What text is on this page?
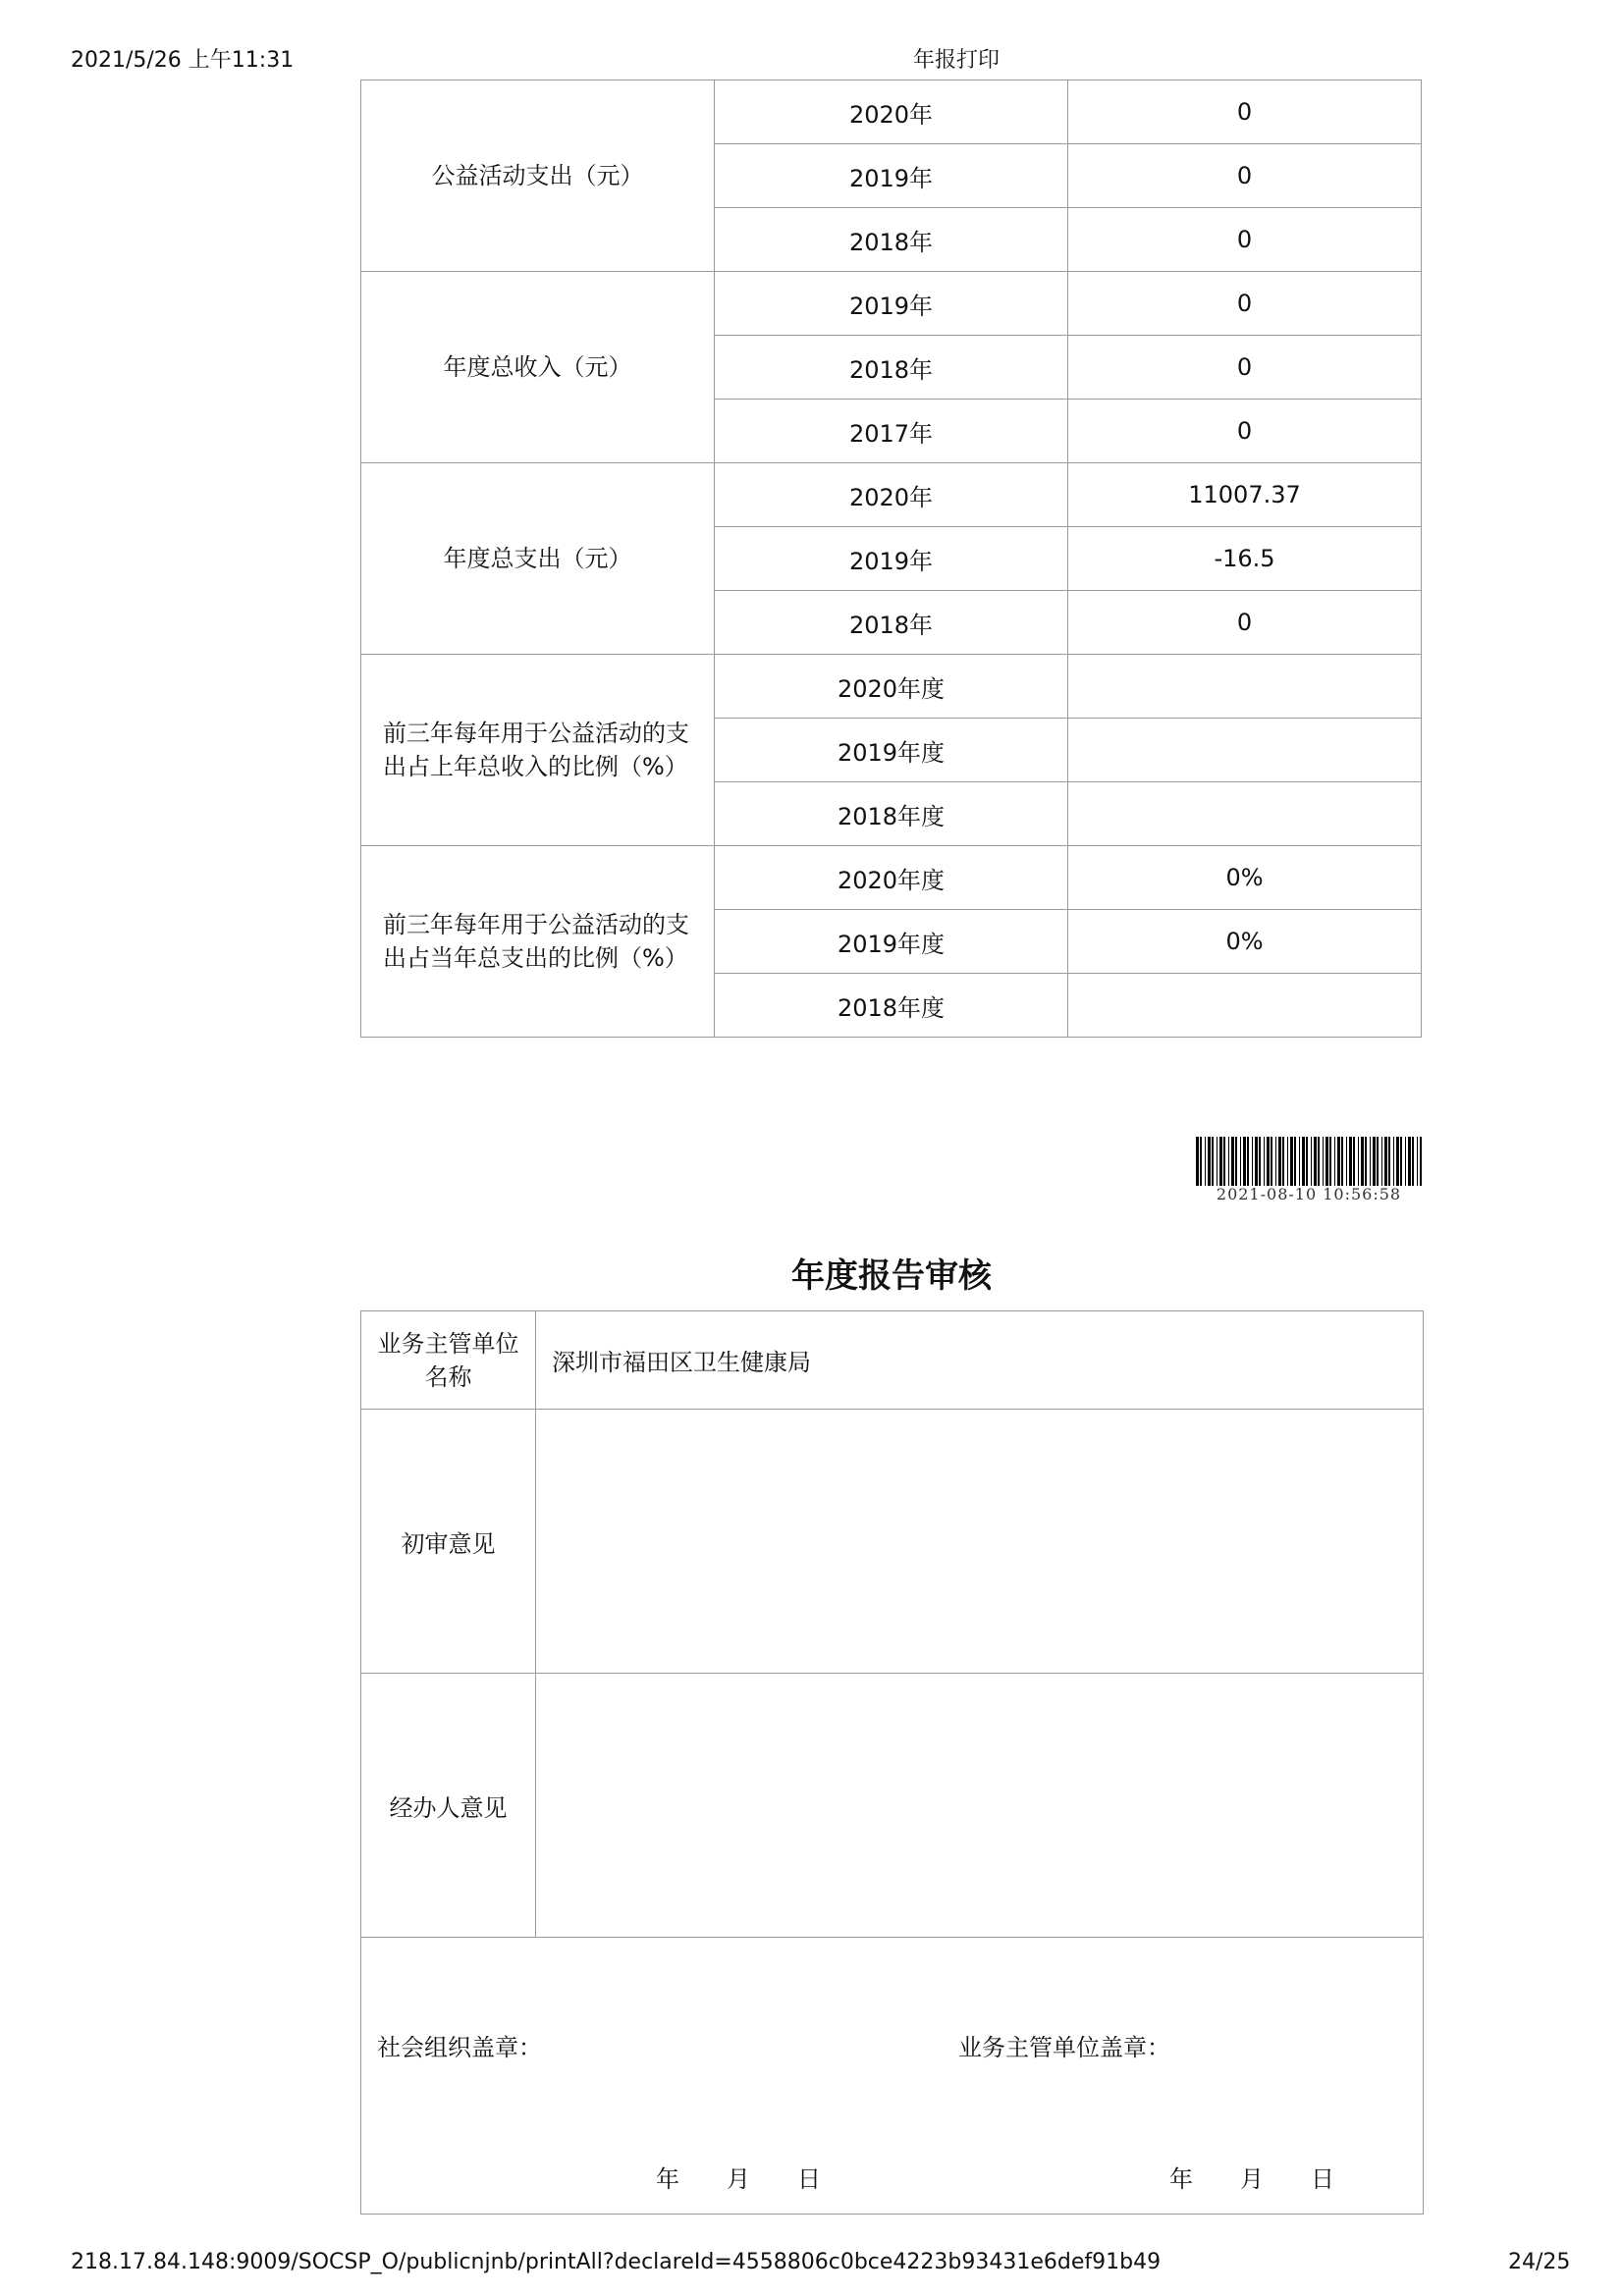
2021/5/26 上午11:31	年报打印
公益活动支出（元）	2020年	0
	2019年	0
	2018年	0
年度总收入（元）	2019年	0
	2018年	0
	2017年	0
年度总支出（元）	2020年	11007.37
	2019年	-16.5
	2018年	0
前三年每年用于公益活动的支
出占上年总收入的比例（%）	2020年度	
	2019年度	
	2018年度	
前三年每年用于公益活动的支
出占当年总支出的比例（%）	2020年度	0%
	2019年度	0%
	2018年度	
2021-08-10 10:56:58
年度报告审核
业务主管单位
名称	深圳市福田区卫生健康局
初审意见	
经办人意见	

社会组织盖章： 业务主管单位盖章：
年 月 日 年 月 日	
218.17.84.148:9009/SOCSP_O/publicnjnb/printAll?declareId=4558806c0bce4223b93431e6def91b49	24/25
